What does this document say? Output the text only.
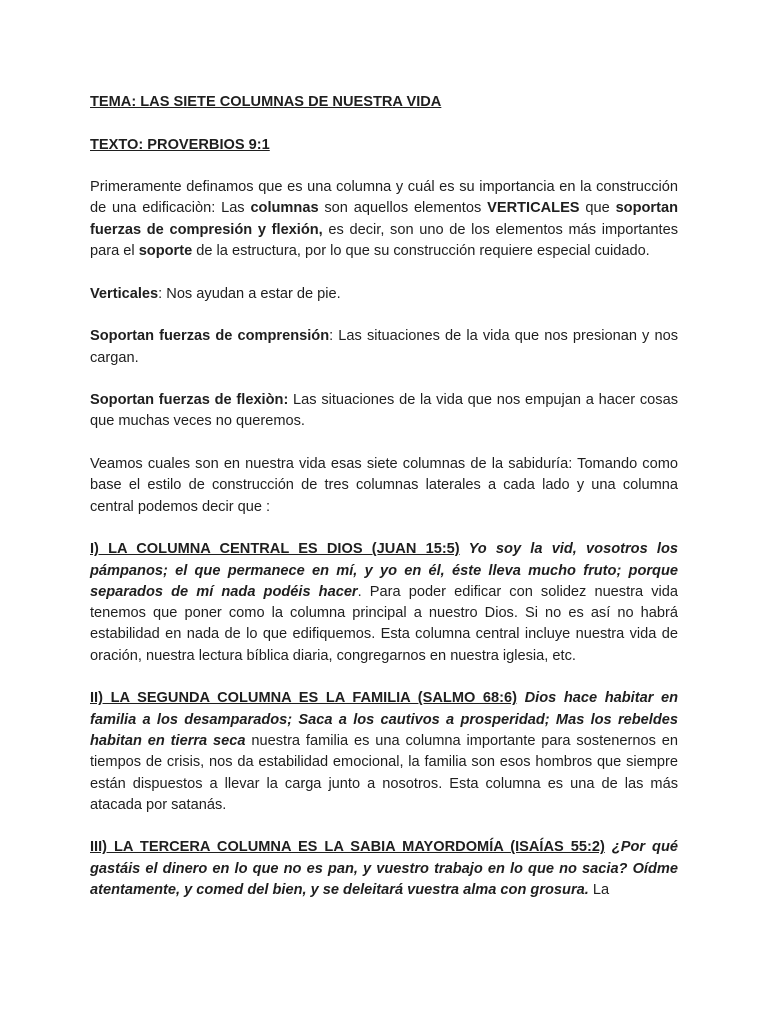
TEMA: LAS SIETE COLUMNAS DE NUESTRA VIDA
TEXTO: PROVERBIOS 9:1

Primeramente definamos que es una columna y cuál es su importancia en la construcción de una edificaciòn: Las columnas son aquellos elementos VERTICALES que soportan fuerzas de compresión y flexión, es decir, son uno de los elementos más importantes para el soporte de la estructura, por lo que su construcción requiere especial cuidado.

Verticales: Nos ayudan a estar de pie.

Soportan fuerzas de comprensión: Las situaciones de la vida que nos presionan y nos cargan.

Soportan fuerzas de flexiòn: Las situaciones de la vida que nos empujan a hacer cosas que muchas veces no queremos.

Veamos cuales son en nuestra vida esas siete columnas de la sabiduría: Tomando como base el estilo de construcción de tres columnas laterales a cada lado y una columna central podemos decir que :

I) LA COLUMNA CENTRAL ES DIOS (JUAN 15:5) Yo soy la vid, vosotros los pámpanos; el que permanece en mí, y yo en él, éste lleva mucho fruto; porque separados de mí nada podéis hacer. Para poder edificar con solidez nuestra vida tenemos que poner como la columna principal a nuestro Dios. Si no es así no habrá estabilidad en nada de lo que edifiquemos. Esta columna central incluye nuestra vida de oración, nuestra lectura bíblica diaria, congregarnos en nuestra iglesia, etc.

II) LA SEGUNDA COLUMNA ES LA FAMILIA (SALMO 68:6) Dios hace habitar en familia a los desamparados; Saca a los cautivos a prosperidad; Mas los rebeldes habitan en tierra seca nuestra familia es una columna importante para sostenernos en tiempos de crisis, nos da estabilidad emocional, la familia son esos hombros que siempre están dispuestos a llevar la carga junto a nosotros. Esta columna es una de las más atacada por satanás.

III) LA TERCERA COLUMNA ES LA SABIA MAYORDOMÍA (ISAÍAS 55:2) ¿Por qué gastáis el dinero en lo que no es pan, y vuestro trabajo en lo que no sacia? Oídme atentamente, y comed del bien, y se deleitará vuestra alma con grosura. La
